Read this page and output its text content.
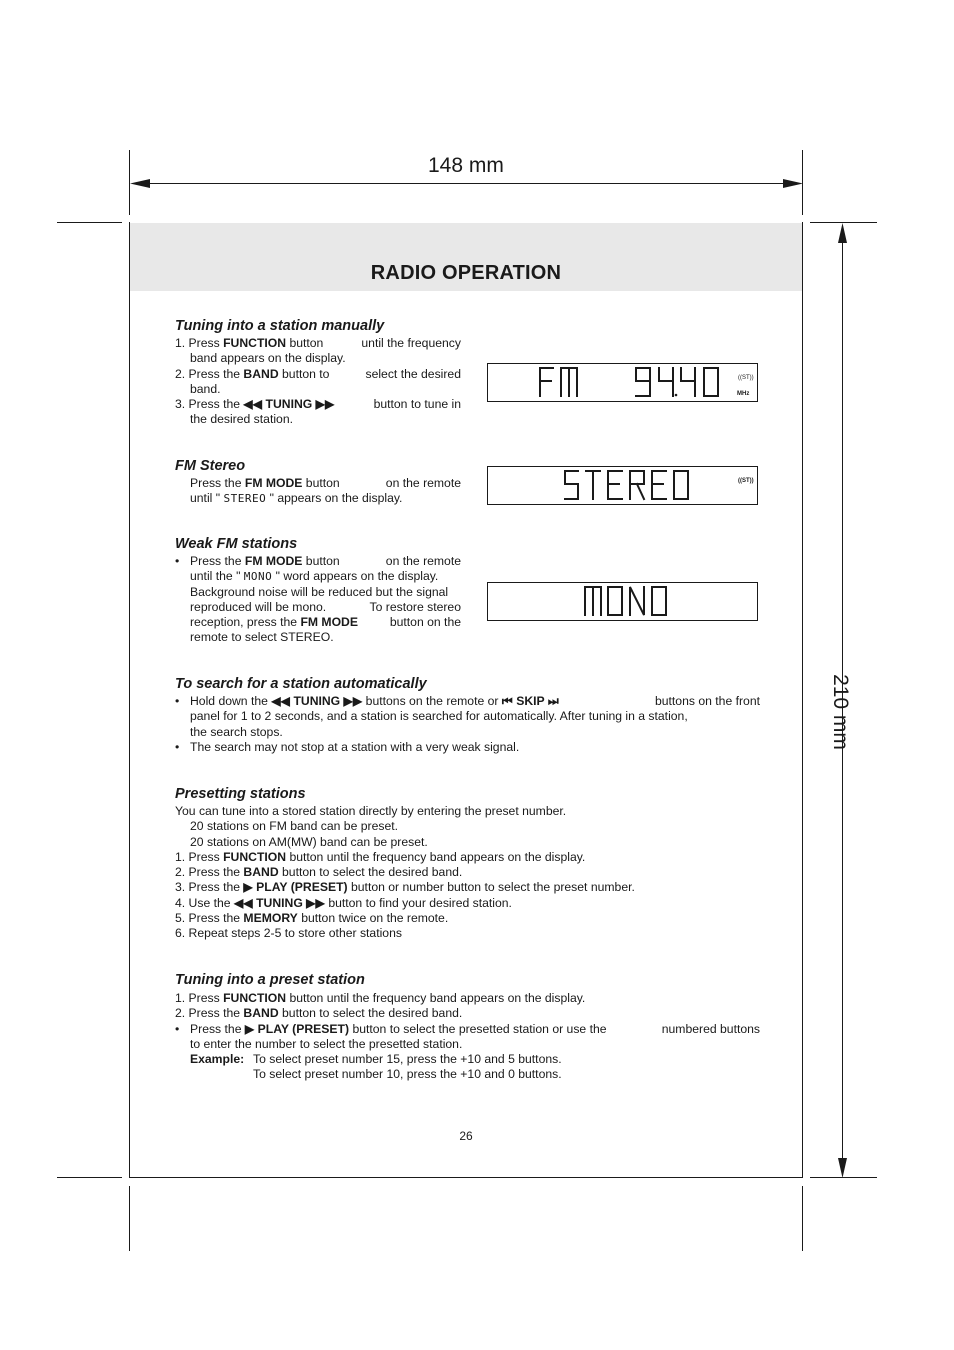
148 mm
210 mm
RADIO OPERATION
Tuning into a station manually
1. Press FUNCTION button	until the frequency
band appears on the display.
2. Press the BAND button to	select the desired
band.
3. Press the ◀◀ TUNING ▶▶	button to tune in
the desired station.
((ST))
MHz
FM Stereo
Press the FM MODE button	on the remote
until " STEREO " appears on the display.
((ST))
Weak FM stations
• Press the FM MODE button	on the remote
until the " MONO " word appears on the display.
Background noise will be reduced but the signal
reproduced will be mono.	To restore stereo
reception, press the FM MODE	button on the
remote to select STEREO.
To search for a station automatically
• Hold down the ◀◀ TUNING ▶▶ buttons on the remote or ⏮ SKIP ⏭	buttons on the front
panel for 1 to 2 seconds, and a station is searched for automatically. After tuning in a station,
the search stops.
• The search may not stop at a station with a very weak signal.
Presetting stations
You can tune into a stored station directly by entering the preset number.
20 stations on FM band can be preset.
20 stations on AM(MW) band can be preset.
1. Press FUNCTION button until the frequency band appears on the display.
2. Press the BAND button to select the desired band.
3. Press the ▶ PLAY (PRESET) button or number button to select the preset number.
4. Use the ◀◀ TUNING ▶▶ button to find your desired station.
5. Press the MEMORY button twice on the remote.
6. Repeat steps 2-5 to store other stations
Tuning into a preset station
1. Press FUNCTION button until the frequency band appears on the display.
2. Press the BAND button to select the desired band.
• Press the ▶ PLAY (PRESET) button to select the presetted station or use the	numbered buttons
to enter the number to select the presetted station.
Example: To select preset number 15, press the +10 and 5 buttons.
To select preset number 10, press the +10 and 0 buttons.
26
